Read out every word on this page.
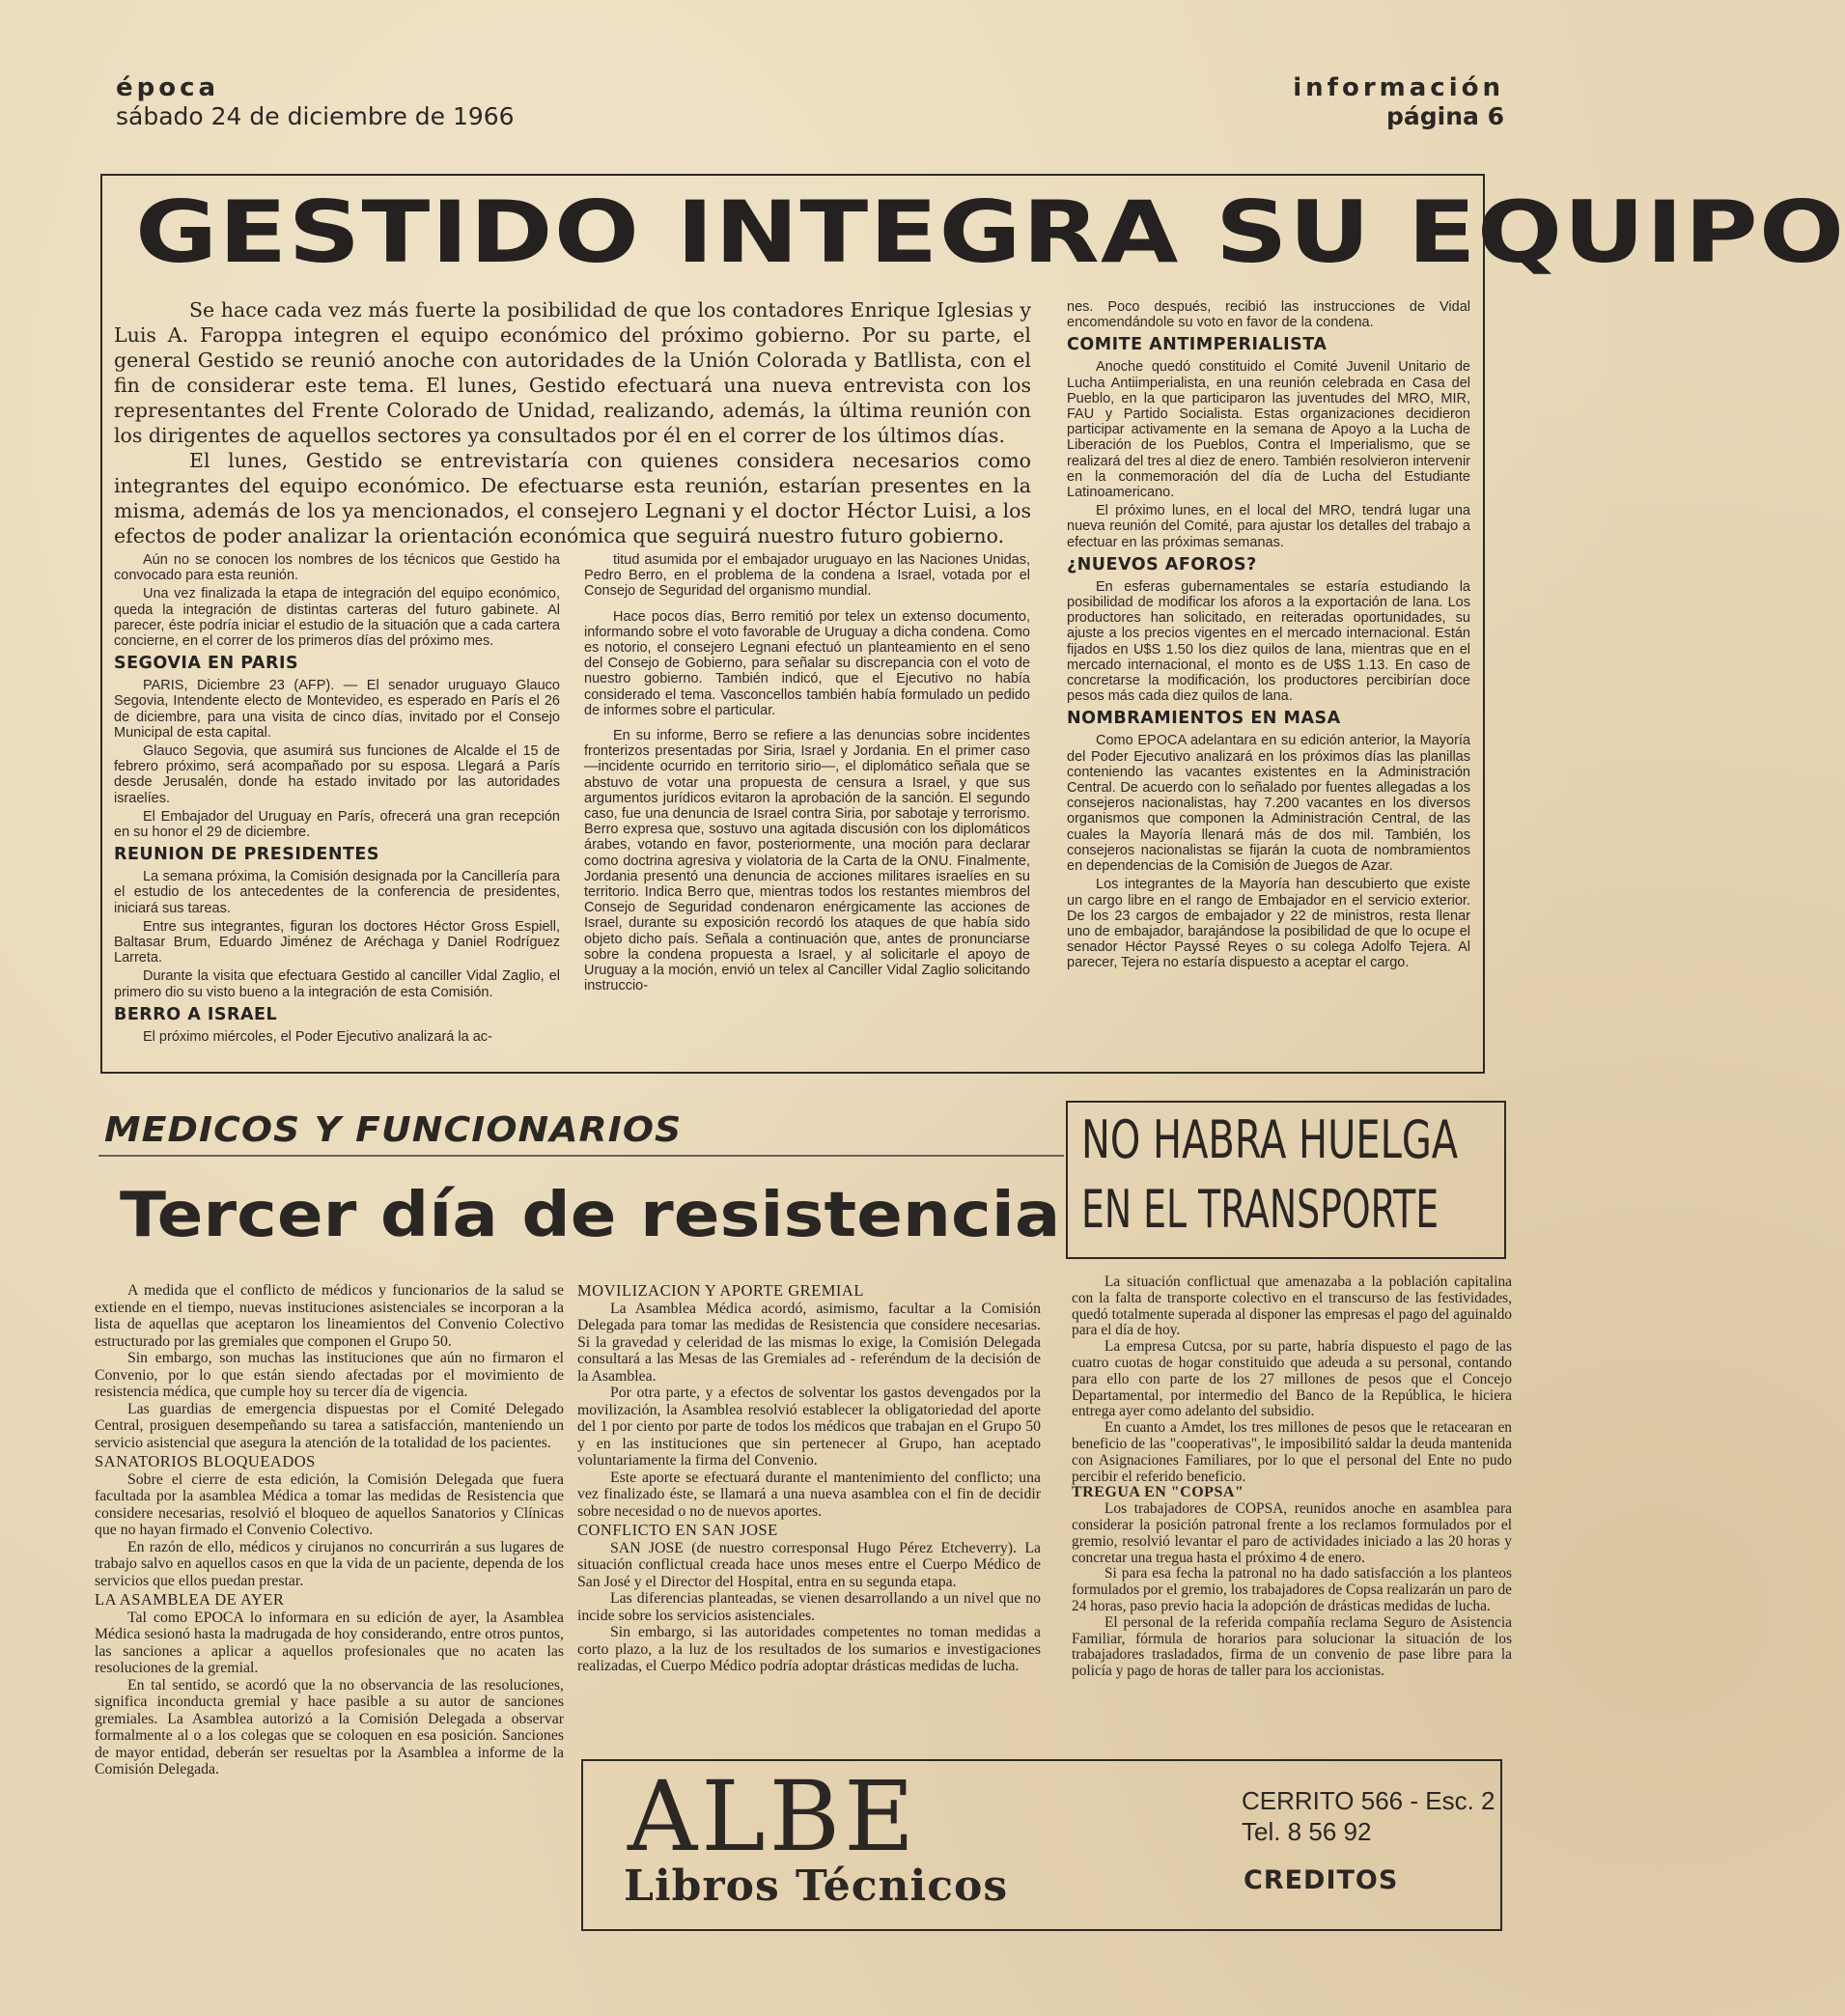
época
sábado 24 de diciembre de 1966
información
página 6
GESTIDO INTEGRA SU EQUIPO

Se hace cada vez más fuerte la posibilidad de que los contadores Enrique Iglesias y Luis A. Faroppa integren el equipo económico del próximo gobierno. Por su parte, el general Gestido se reunió anoche con autoridades de la Unión Colorada y Batllista, con el fin de considerar este tema. El lunes, Gestido efectuará una nueva entrevista con los representantes del Frente Colorado de Unidad, realizando, además, la última reunión con los dirigentes de aquellos sectores ya consultados por él en el correr de los últimos días.

El lunes, Gestido se entrevistaría con quienes considera necesarios como integrantes del equipo económico. De efectuarse esta reunión, estarían presentes en la misma, además de los ya mencionados, el consejero Legnani y el doctor Héctor Luisi, a los efectos de poder analizar la orientación económica que seguirá nuestro futuro gobierno.

Aún no se conocen los nombres de los técnicos que Gestido ha convocado para esta reunión.

Una vez finalizada la etapa de integración del equipo económico, queda la integración de distintas carteras del futuro gabinete. Al parecer, éste podría iniciar el estudio de la situación que a cada cartera concierne, en el correr de los primeros días del próximo mes.

SEGOVIA EN PARIS

PARIS, Diciembre 23 (AFP). — El senador uruguayo Glauco Segovia, Intendente electo de Montevideo, es esperado en París el 26 de diciembre, para una visita de cinco días, invitado por el Consejo Municipal de esta capital.

Glauco Segovia, que asumirá sus funciones de Alcalde el 15 de febrero próximo, será acompañado por su esposa. Llegará a París desde Jerusalén, donde ha estado invitado por las autoridades israelíes.

El Embajador del Uruguay en París, ofrecerá una gran recepción en su honor el 29 de diciembre.

REUNION DE PRESIDENTES

La semana próxima, la Comisión designada por la Cancillería para el estudio de los antecedentes de la conferencia de presidentes, iniciará sus tareas.

Entre sus integrantes, figuran los doctores Héctor Gross Espiell, Baltasar Brum, Eduardo Jiménez de Aréchaga y Daniel Rodríguez Larreta.

Durante la visita que efectuara Gestido al canciller Vidal Zaglio, el primero dio su visto bueno a la integración de esta Comisión.

BERRO A ISRAEL

El próximo miércoles, el Poder Ejecutivo analizará la ac-

titud asumida por el embajador uruguayo en las Naciones Unidas, Pedro Berro, en el problema de la condena a Israel, votada por el Consejo de Seguridad del organismo mundial.

Hace pocos días, Berro remitió por telex un extenso documento, informando sobre el voto favorable de Uruguay a dicha condena. Como es notorio, el consejero Legnani efectuó un planteamiento en el seno del Consejo de Gobierno, para señalar su discrepancia con el voto de nuestro gobierno. También indicó, que el Ejecutivo no había considerado el tema. Vasconcellos también había formulado un pedido de informes sobre el particular.

En su informe, Berro se refiere a las denuncias sobre incidentes fronterizos presentadas por Siria, Israel y Jordania. En el primer caso —incidente ocurrido en territorio sirio—, el diplomático señala que se abstuvo de votar una propuesta de censura a Israel, y que sus argumentos jurídicos evitaron la aprobación de la sanción. El segundo caso, fue una denuncia de Israel contra Siria, por sabotaje y terrorismo. Berro expresa que, sostuvo una agitada discusión con los diplomáticos árabes, votando en favor, posteriormente, una moción para declarar como doctrina agresiva y violatoria de la Carta de la ONU. Finalmente, Jordania presentó una denuncia de acciones militares israelíes en su territorio. Indica Berro que, mientras todos los restantes miembros del Consejo de Seguridad condenaron enérgicamente las acciones de Israel, durante su exposición recordó los ataques de que había sido objeto dicho país. Señala a continuación que, antes de pronunciarse sobre la condena propuesta a Israel, y al solicitarle el apoyo de Uruguay a la moción, envió un telex al Canciller Vidal Zaglio solicitando instruccio-

nes. Poco después, recibió las instrucciones de Vidal encomendándole su voto en favor de la condena.

COMITE ANTIMPERIALISTA

Anoche quedó constituido el Comité Juvenil Unitario de Lucha Antiimperialista, en una reunión celebrada en Casa del Pueblo, en la que participaron las juventudes del MRO, MIR, FAU y Partido Socialista. Estas organizaciones decidieron participar activamente en la semana de Apoyo a la Lucha de Liberación de los Pueblos, Contra el Imperialismo, que se realizará del tres al diez de enero. También resolvieron intervenir en la conmemoración del día de Lucha del Estudiante Latinoamericano.

El próximo lunes, en el local del MRO, tendrá lugar una nueva reunión del Comité, para ajustar los detalles del trabajo a efectuar en las próximas semanas.

¿NUEVOS AFOROS?

En esferas gubernamentales se estaría estudiando la posibilidad de modificar los aforos a la exportación de lana. Los productores han solicitado, en reiteradas oportunidades, su ajuste a los precios vigentes en el mercado internacional. Están fijados en U$S 1.50 los diez quilos de lana, mientras que en el mercado internacional, el monto es de U$S 1.13. En caso de concretarse la modificación, los productores percibirían doce pesos más cada diez quilos de lana.

NOMBRAMIENTOS EN MASA

Como EPOCA adelantara en su edición anterior, la Mayoría del Poder Ejecutivo analizará en los próximos días las planillas conteniendo las vacantes existentes en la Administración Central. De acuerdo con lo señalado por fuentes allegadas a los consejeros nacionalistas, hay 7.200 vacantes en los diversos organismos que componen la Administración Central, de las cuales la Mayoría llenará más de dos mil. También, los consejeros nacionalistas se fijarán la cuota de nombramientos en dependencias de la Comisión de Juegos de Azar.

Los integrantes de la Mayoría han descubierto que existe un cargo libre en el rango de Embajador en el servicio exterior. De los 23 cargos de embajador y 22 de ministros, resta llenar uno de embajador, barajándose la posibilidad de que lo ocupe el senador Héctor Payssé Reyes o su colega Adolfo Tejera. Al parecer, Tejera no estaría dispuesto a aceptar el cargo.

MEDICOS Y FUNCIONARIOS
Tercer día de resistencia

A medida que el conflicto de médicos y funcionarios de la salud se extiende en el tiempo, nuevas instituciones asistenciales se incorporan a la lista de aquellas que aceptaron los lineamientos del Convenio Colectivo estructurado por las gremiales que componen el Grupo 50.

Sin embargo, son muchas las instituciones que aún no firmaron el Convenio, por lo que están siendo afectadas por el movimiento de resistencia médica, que cumple hoy su tercer día de vigencia.

Las guardias de emergencia dispuestas por el Comité Delegado Central, prosiguen desempeñando su tarea a satisfacción, manteniendo un servicio asistencial que asegura la atención de la totalidad de los pacientes.

SANATORIOS BLOQUEADOS

Sobre el cierre de esta edición, la Comisión Delegada que fuera facultada por la asamblea Médica a tomar las medidas de Resistencia que considere necesarias, resolvió el bloqueo de aquellos Sanatorios y Clínicas que no hayan firmado el Convenio Colectivo.

En razón de ello, médicos y cirujanos no concurrirán a sus lugares de trabajo salvo en aquellos casos en que la vida de un paciente, dependa de los servicios que ellos puedan prestar.

LA ASAMBLEA DE AYER

Tal como EPOCA lo informara en su edición de ayer, la Asamblea Médica sesionó hasta la madrugada de hoy considerando, entre otros puntos, las sanciones a aplicar a aquellos profesionales que no acaten las resoluciones de la gremial.

En tal sentido, se acordó que la no observancia de las resoluciones, significa inconducta gremial y hace pasible a su autor de sanciones gremiales. La Asamblea autorizó a la Comisión Delegada a observar formalmente al o a los colegas que se coloquen en esa posición. Sanciones de mayor entidad, deberán ser resueltas por la Asamblea a informe de la Comisión Delegada.

MOVILIZACION Y APORTE GREMIAL

La Asamblea Médica acordó, asimismo, facultar a la Comisión Delegada para tomar las medidas de Resistencia que considere necesarias. Si la gravedad y celeridad de las mismas lo exige, la Comisión Delegada consultará a las Mesas de las Gremiales ad - referéndum de la decisión de la Asamblea.

Por otra parte, y a efectos de solventar los gastos devengados por la movilización, la Asamblea resolvió establecer la obligatoriedad del aporte del 1 por ciento por parte de todos los médicos que trabajan en el Grupo 50 y en las instituciones que sin pertenecer al Grupo, han aceptado voluntariamente la firma del Convenio.

Este aporte se efectuará durante el mantenimiento del conflicto; una vez finalizado éste, se llamará a una nueva asamblea con el fin de decidir sobre necesidad o no de nuevos aportes.

CONFLICTO EN SAN JOSE

SAN JOSE (de nuestro corresponsal Hugo Pérez Etcheverry). La situación conflictual creada hace unos meses entre el Cuerpo Médico de San José y el Director del Hospital, entra en su segunda etapa.

Las diferencias planteadas, se vienen desarrollando a un nivel que no incide sobre los servicios asistenciales.

Sin embargo, si las autoridades competentes no toman medidas a corto plazo, a la luz de los resultados de los sumarios e investigaciones realizadas, el Cuerpo Médico podría adoptar drásticas medidas de lucha.

NO HABRA HUELGA
EN EL TRANSPORTE

La situación conflictual que amenazaba a la población capitalina con la falta de transporte colectivo en el transcurso de las festividades, quedó totalmente superada al disponer las empresas el pago del aguinaldo para el día de hoy.

La empresa Cutcsa, por su parte, habría dispuesto el pago de las cuatro cuotas de hogar constituido que adeuda a su personal, contando para ello con parte de los 27 millones de pesos que el Concejo Departamental, por intermedio del Banco de la República, le hiciera entrega ayer como adelanto del subsidio.

En cuanto a Amdet, los tres millones de pesos que le retacearan en beneficio de las "cooperativas", le imposibilitó saldar la deuda mantenida con Asignaciones Familiares, por lo que el personal del Ente no pudo percibir el referido beneficio.

TREGUA EN "COPSA"

Los trabajadores de COPSA, reunidos anoche en asamblea para considerar la posición patronal frente a los reclamos formulados por el gremio, resolvió levantar el paro de actividades iniciado a las 20 horas y concretar una tregua hasta el próximo 4 de enero.

Si para esa fecha la patronal no ha dado satisfacción a los planteos formulados por el gremio, los trabajadores de Copsa realizarán un paro de 24 horas, paso previo hacia la adopción de drásticas medidas de lucha.

El personal de la referida compañía reclama Seguro de Asistencia Familiar, fórmula de horarios para solucionar la situación de los trabajadores trasladados, firma de un convenio de pase libre para la policía y pago de horas de taller para los accionistas.

ALBE
Libros Técnicos
CERRITO 566 - Esc. 2
Tel. 8 56 92
CREDITOS
